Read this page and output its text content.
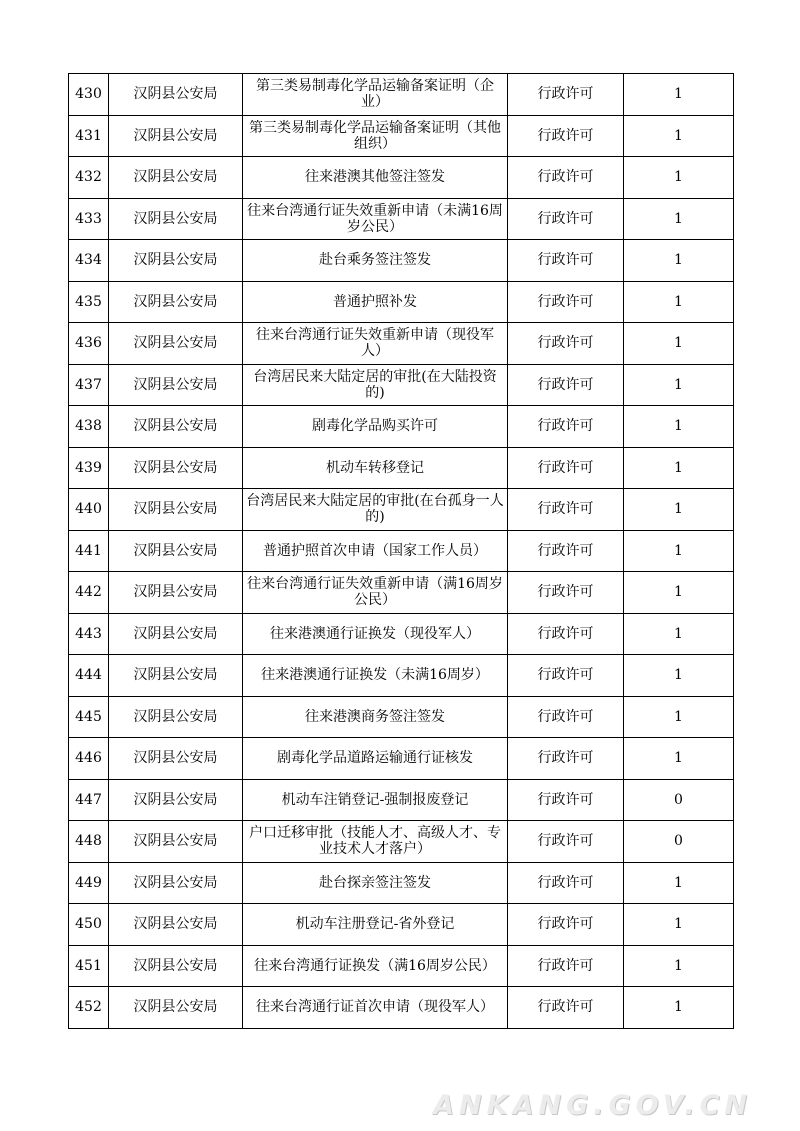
430	汉阴县公安局	第三类易制毒化学品运输备案证明（企业）	行政许可	1
431	汉阴县公安局	第三类易制毒化学品运输备案证明（其他组织）	行政许可	1
432	汉阴县公安局	往来港澳其他签注签发	行政许可	1
433	汉阴县公安局	往来台湾通行证失效重新申请（未满16周岁公民）	行政许可	1
434	汉阴县公安局	赴台乘务签注签发	行政许可	1
435	汉阴县公安局	普通护照补发	行政许可	1
436	汉阴县公安局	往来台湾通行证失效重新申请（现役军人）	行政许可	1
437	汉阴县公安局	台湾居民来大陆定居的审批(在大陆投资的)	行政许可	1
438	汉阴县公安局	剧毒化学品购买许可	行政许可	1
439	汉阴县公安局	机动车转移登记	行政许可	1
440	汉阴县公安局	台湾居民来大陆定居的审批(在台孤身一人的)	行政许可	1
441	汉阴县公安局	普通护照首次申请（国家工作人员）	行政许可	1
442	汉阴县公安局	往来台湾通行证失效重新申请（满16周岁公民）	行政许可	1
443	汉阴县公安局	往来港澳通行证换发（现役军人）	行政许可	1
444	汉阴县公安局	往来港澳通行证换发（未满16周岁）	行政许可	1
445	汉阴县公安局	往来港澳商务签注签发	行政许可	1
446	汉阴县公安局	剧毒化学品道路运输通行证核发	行政许可	1
447	汉阴县公安局	机动车注销登记-强制报废登记	行政许可	0
448	汉阴县公安局	户口迁移审批（技能人才、高级人才、专业技术人才落户）	行政许可	0
449	汉阴县公安局	赴台探亲签注签发	行政许可	1
450	汉阴县公安局	机动车注册登记-省外登记	行政许可	1
451	汉阴县公安局	往来台湾通行证换发（满16周岁公民）	行政许可	1
452	汉阴县公安局	往来台湾通行证首次申请（现役军人）	行政许可	1
ANKANG.GOV.CN
